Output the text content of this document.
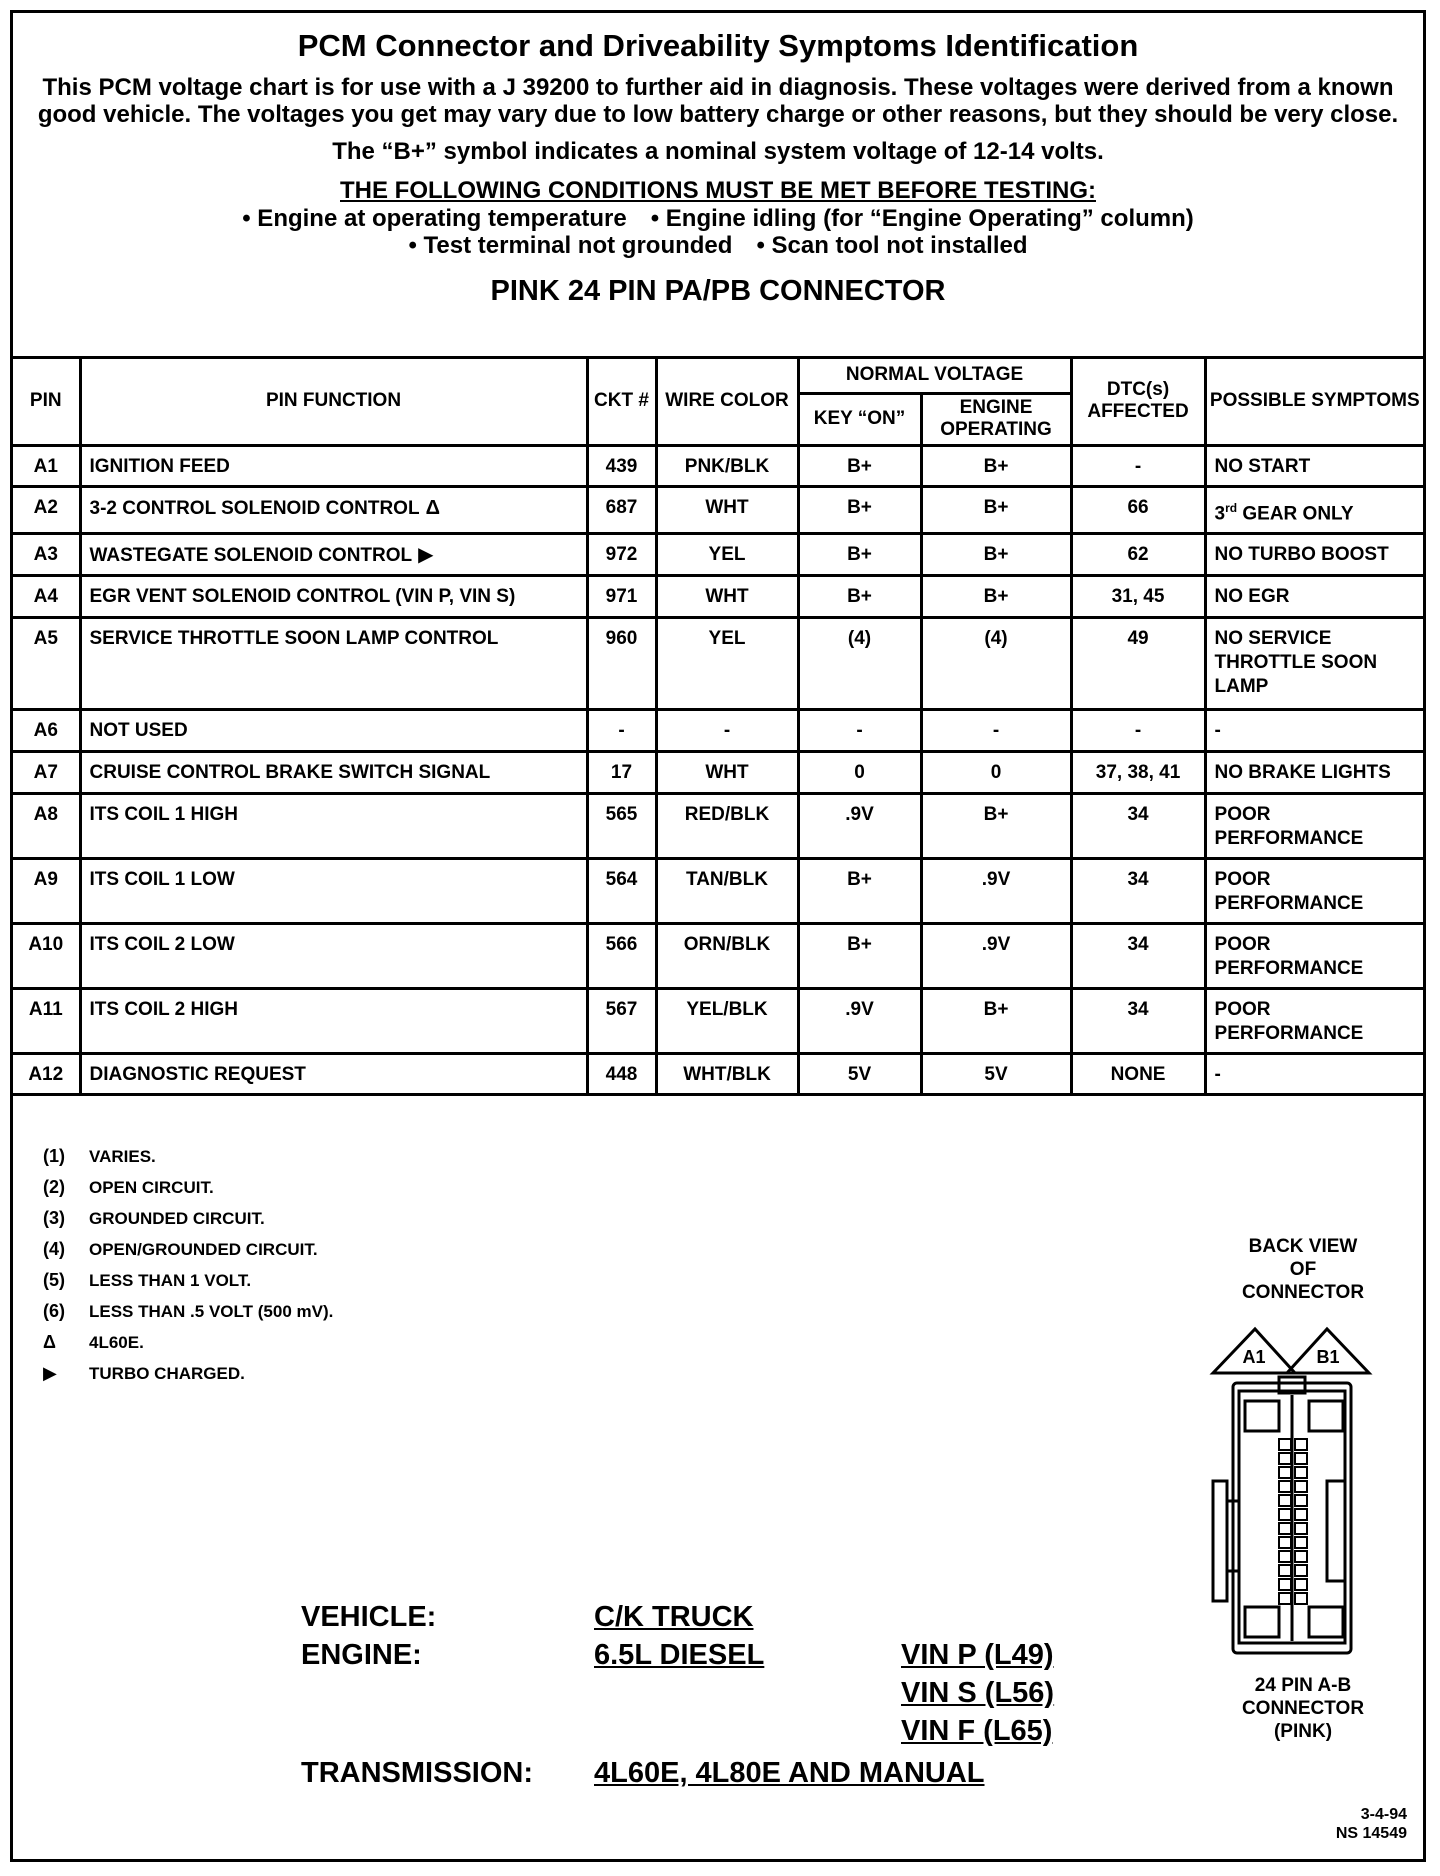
PCM Connector and Driveability Symptoms Identification
This PCM voltage chart is for use with a J 39200 to further aid in diagnosis. These voltages were derived from a known good vehicle. The voltages you get may vary due to low battery charge or other reasons, but they should be very close.
The “B+” symbol indicates a nominal system voltage of 12-14 volts.
THE FOLLOWING CONDITIONS MUST BE MET BEFORE TESTING:
• Engine at operating temperature • Engine idling (for “Engine Operating” column)
• Test terminal not grounded • Scan tool not installed
PINK 24 PIN PA/PB CONNECTOR
PIN	PIN FUNCTION	CKT #	WIRE COLOR	NORMAL VOLTAGE		DTC(s) AFFECTED	POSSIBLE SYMPTOMS
				KEY “ON”	ENGINE OPERATING		
A1	IGNITION FEED	439	PNK/BLK	B+	B+	-	NO START
A2	3-2 CONTROL SOLENOID CONTROL Δ	687	WHT	B+	B+	66	3rd GEAR ONLY
A3	WASTEGATE SOLENOID CONTROL ▶	972	YEL	B+	B+	62	NO TURBO BOOST
A4	EGR VENT SOLENOID CONTROL (VIN P, VIN S)	971	WHT	B+	B+	31, 45	NO EGR
A5	SERVICE THROTTLE SOON LAMP CONTROL	960	YEL	(4)	(4)	49	NO SERVICE THROTTLE SOON LAMP
A6	NOT USED	-	-	-	-	-	-
A7	CRUISE CONTROL BRAKE SWITCH SIGNAL	17	WHT	0	0	37, 38, 41	NO BRAKE LIGHTS
A8	ITS COIL 1 HIGH	565	RED/BLK	.9V	B+	34	POOR PERFORMANCE
A9	ITS COIL 1 LOW	564	TAN/BLK	B+	.9V	34	POOR PERFORMANCE
A10	ITS COIL 2 LOW	566	ORN/BLK	B+	.9V	34	POOR PERFORMANCE
A11	ITS COIL 2 HIGH	567	YEL/BLK	.9V	B+	34	POOR PERFORMANCE
A12	DIAGNOSTIC REQUEST	448	WHT/BLK	5V	5V	NONE	-
(1) VARIES.
(2) OPEN CIRCUIT.
(3) GROUNDED CIRCUIT.
(4) OPEN/GROUNDED CIRCUIT.
(5) LESS THAN 1 VOLT.
(6) LESS THAN .5 VOLT (500 mV).
Δ 4L60E.
▶ TURBO CHARGED.
VEHICLE:	C/K TRUCK
ENGINE:	6.5L DIESEL	VIN P (L49)
VIN S (L56)
VIN F (L65)
TRANSMISSION: 4L60E, 4L80E AND MANUAL
BACK VIEW
OF
CONNECTOR
A1	B1
24 PIN A-B
CONNECTOR
(PINK)
3-4-94
NS 14549
